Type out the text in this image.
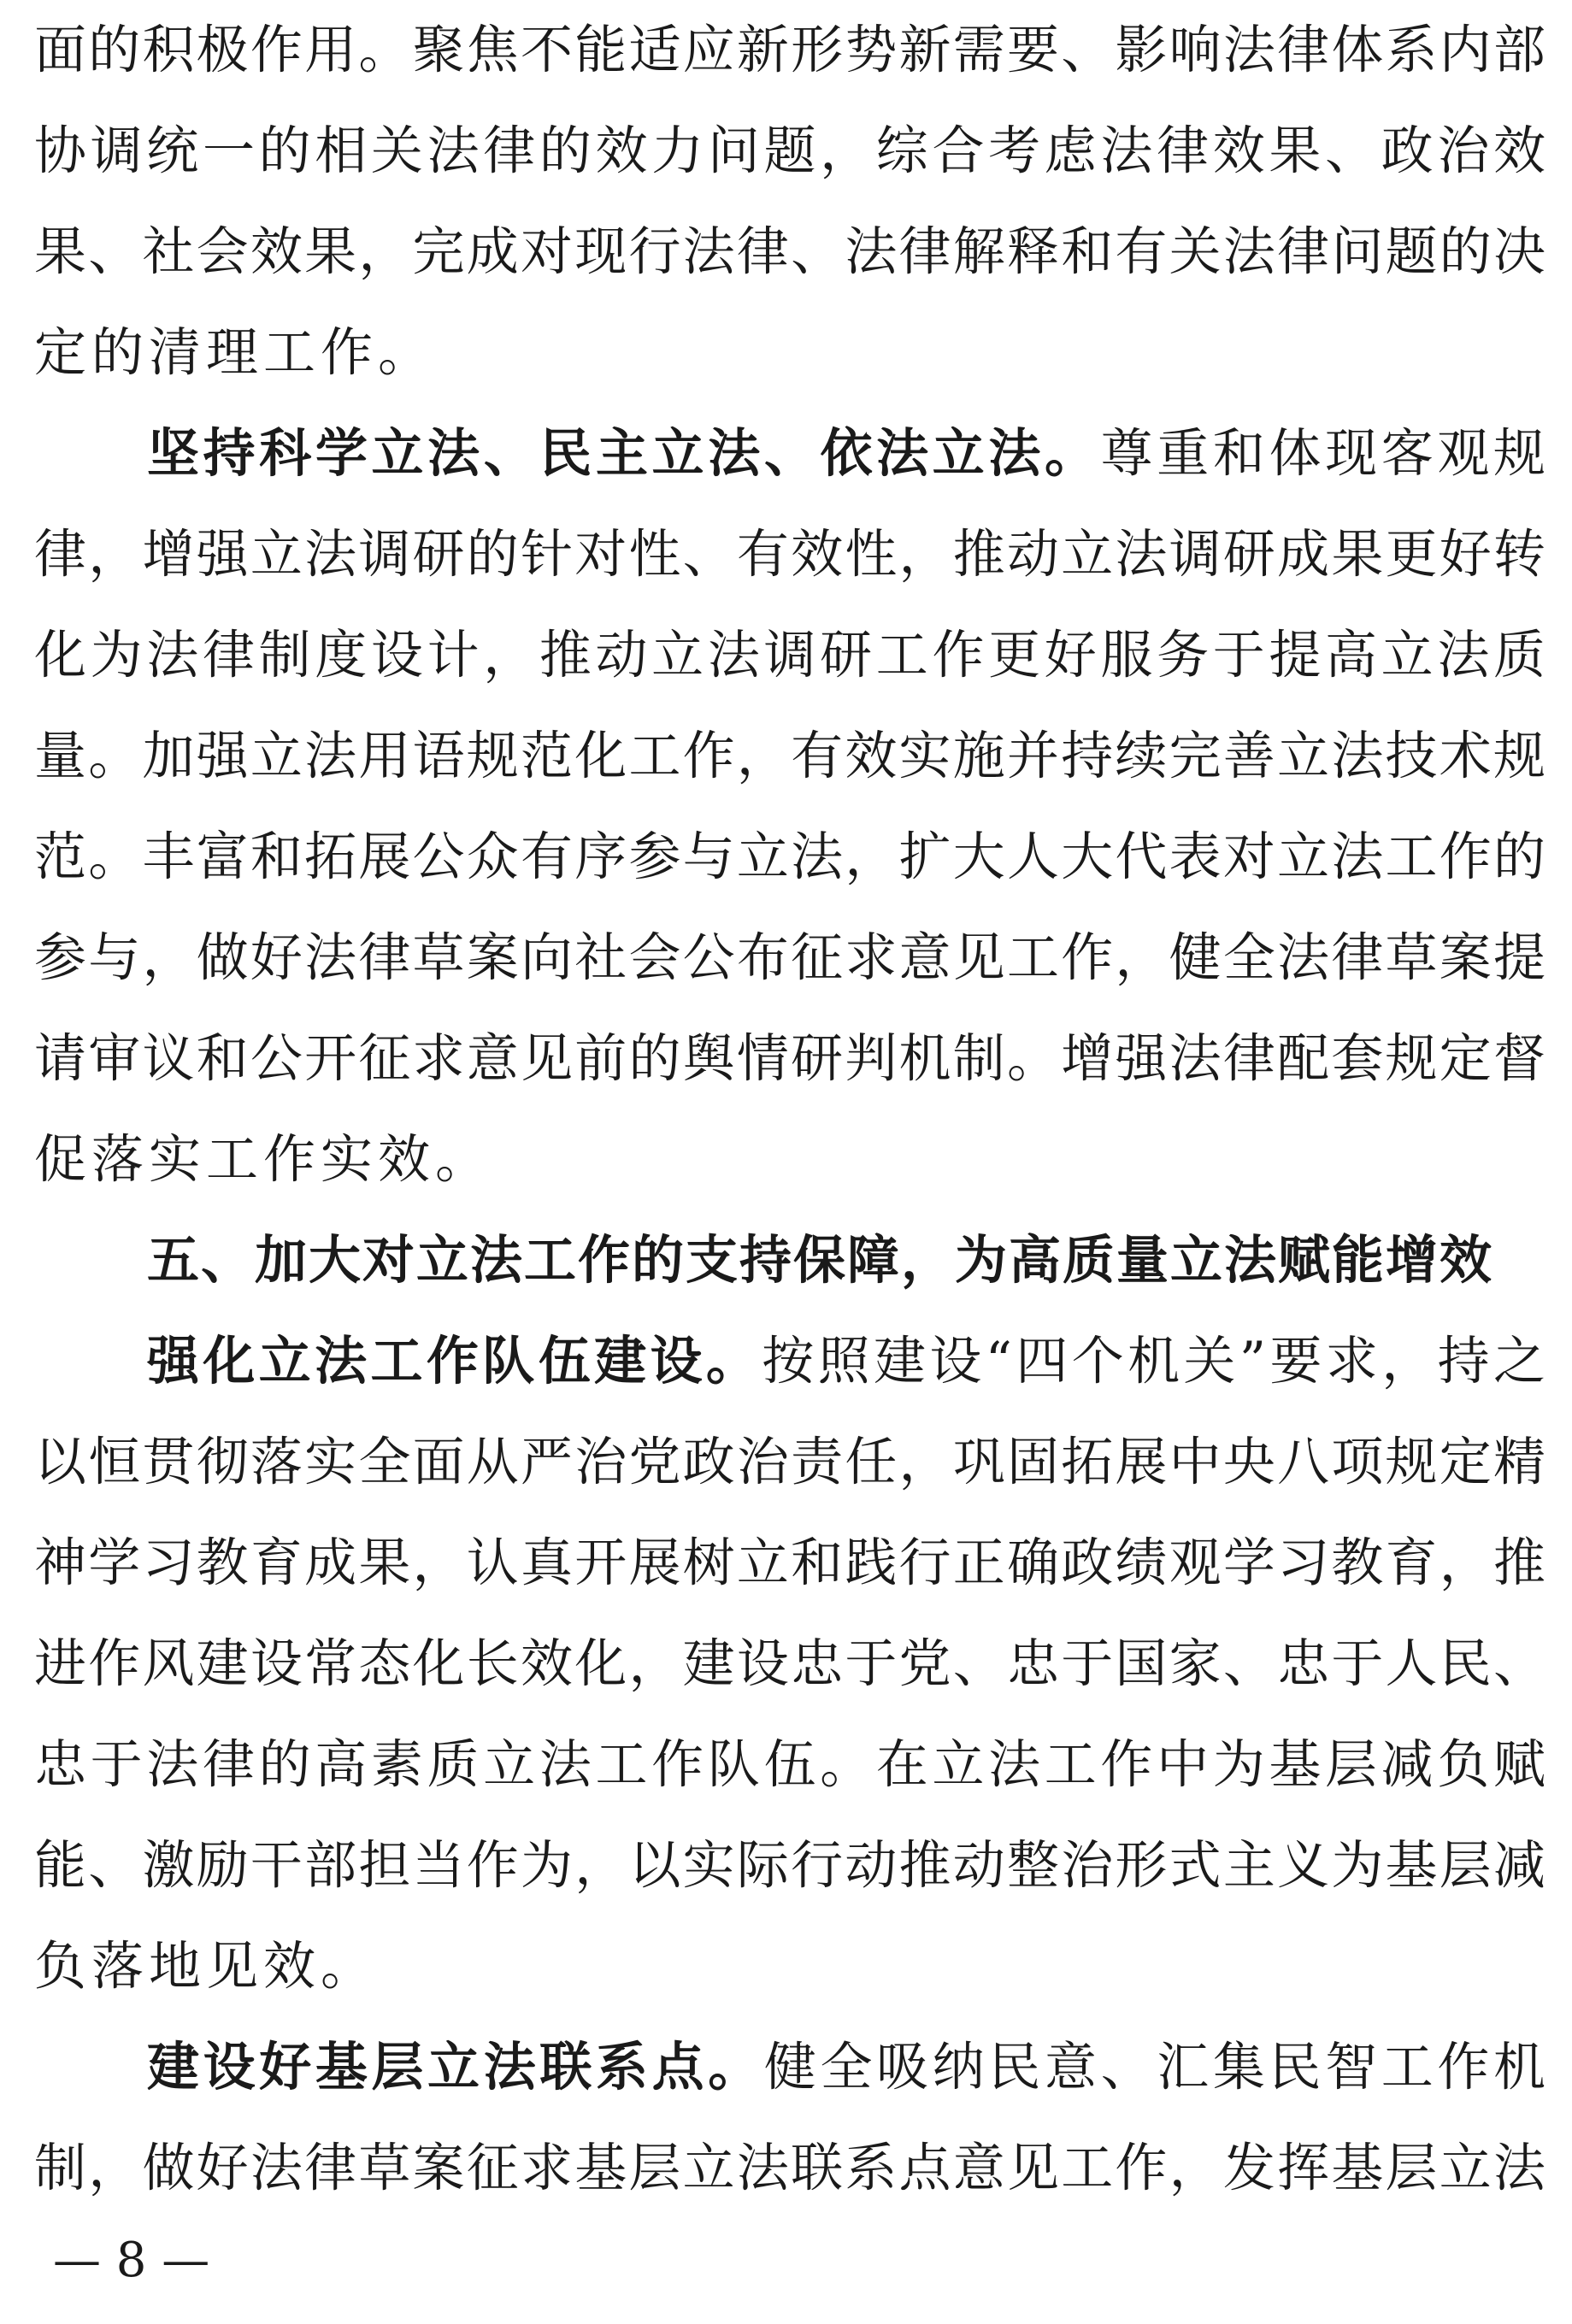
面的积极作用。聚焦不能适应新形势新需要、影响法律体系内部
协调统一的相关法律的效力问题，综合考虑法律效果、政治效
果、社会效果，完成对现行法律、法律解释和有关法律问题的决
定的清理工作。
坚持科学立法、民主立法、依法立法。尊重和体现客观规
律，增强立法调研的针对性、有效性，推动立法调研成果更好转
化为法律制度设计，推动立法调研工作更好服务于提高立法质
量。加强立法用语规范化工作，有效实施并持续完善立法技术规
范。丰富和拓展公众有序参与立法，扩大人大代表对立法工作的
参与，做好法律草案向社会公布征求意见工作，健全法律草案提
请审议和公开征求意见前的舆情研判机制。增强法律配套规定督
促落实工作实效。
五、加大对立法工作的支持保障，为高质量立法赋能增效
强化立法工作队伍建设。按照建设“四个机关”要求，持之
以恒贯彻落实全面从严治党政治责任，巩固拓展中央八项规定精
神学习教育成果，认真开展树立和践行正确政绩观学习教育，推
进作风建设常态化长效化，建设忠于党、忠于国家、忠于人民、
忠于法律的高素质立法工作队伍。在立法工作中为基层减负赋
能、激励干部担当作为，以实际行动推动整治形式主义为基层减
负落地见效。
建设好基层立法联系点。健全吸纳民意、汇集民智工作机
制，做好法律草案征求基层立法联系点意见工作，发挥基层立法
— 8 —
